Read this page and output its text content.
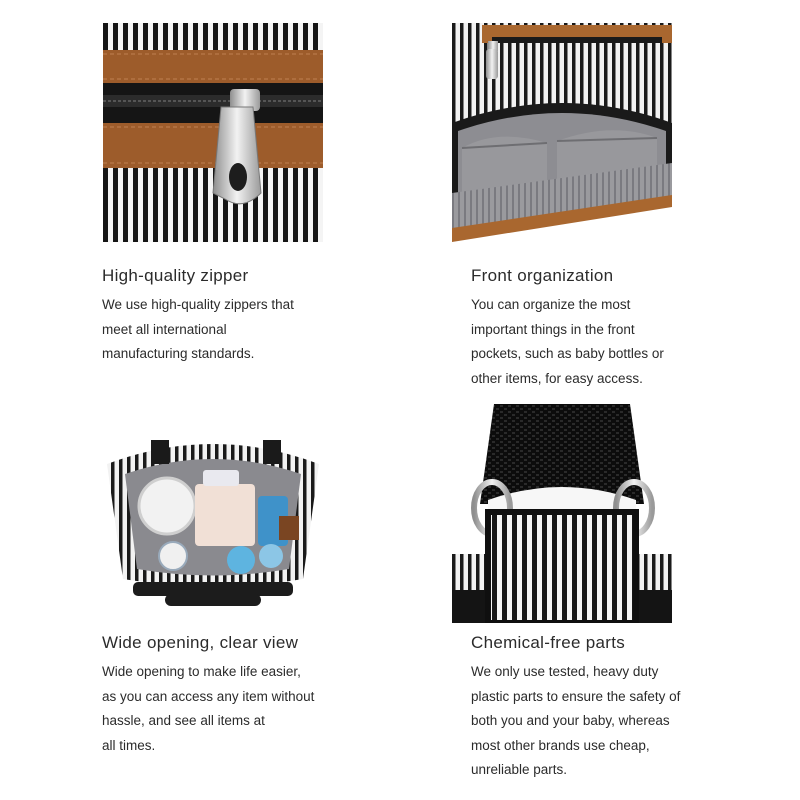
High-quality zipper
We use high-quality zippers that
meet all international
manufacturing standards.
Front organization
You can organize the most
important things in the front
pockets, such as baby bottles or
other items, for easy access.
Wide opening, clear view
Wide opening to make life easier,
as you can access any item without
hassle, and see all items at
all times.
Chemical-free parts
We only use tested, heavy duty
plastic parts to ensure the safety of
both you and your baby, whereas
most other brands use cheap,
unreliable parts.
